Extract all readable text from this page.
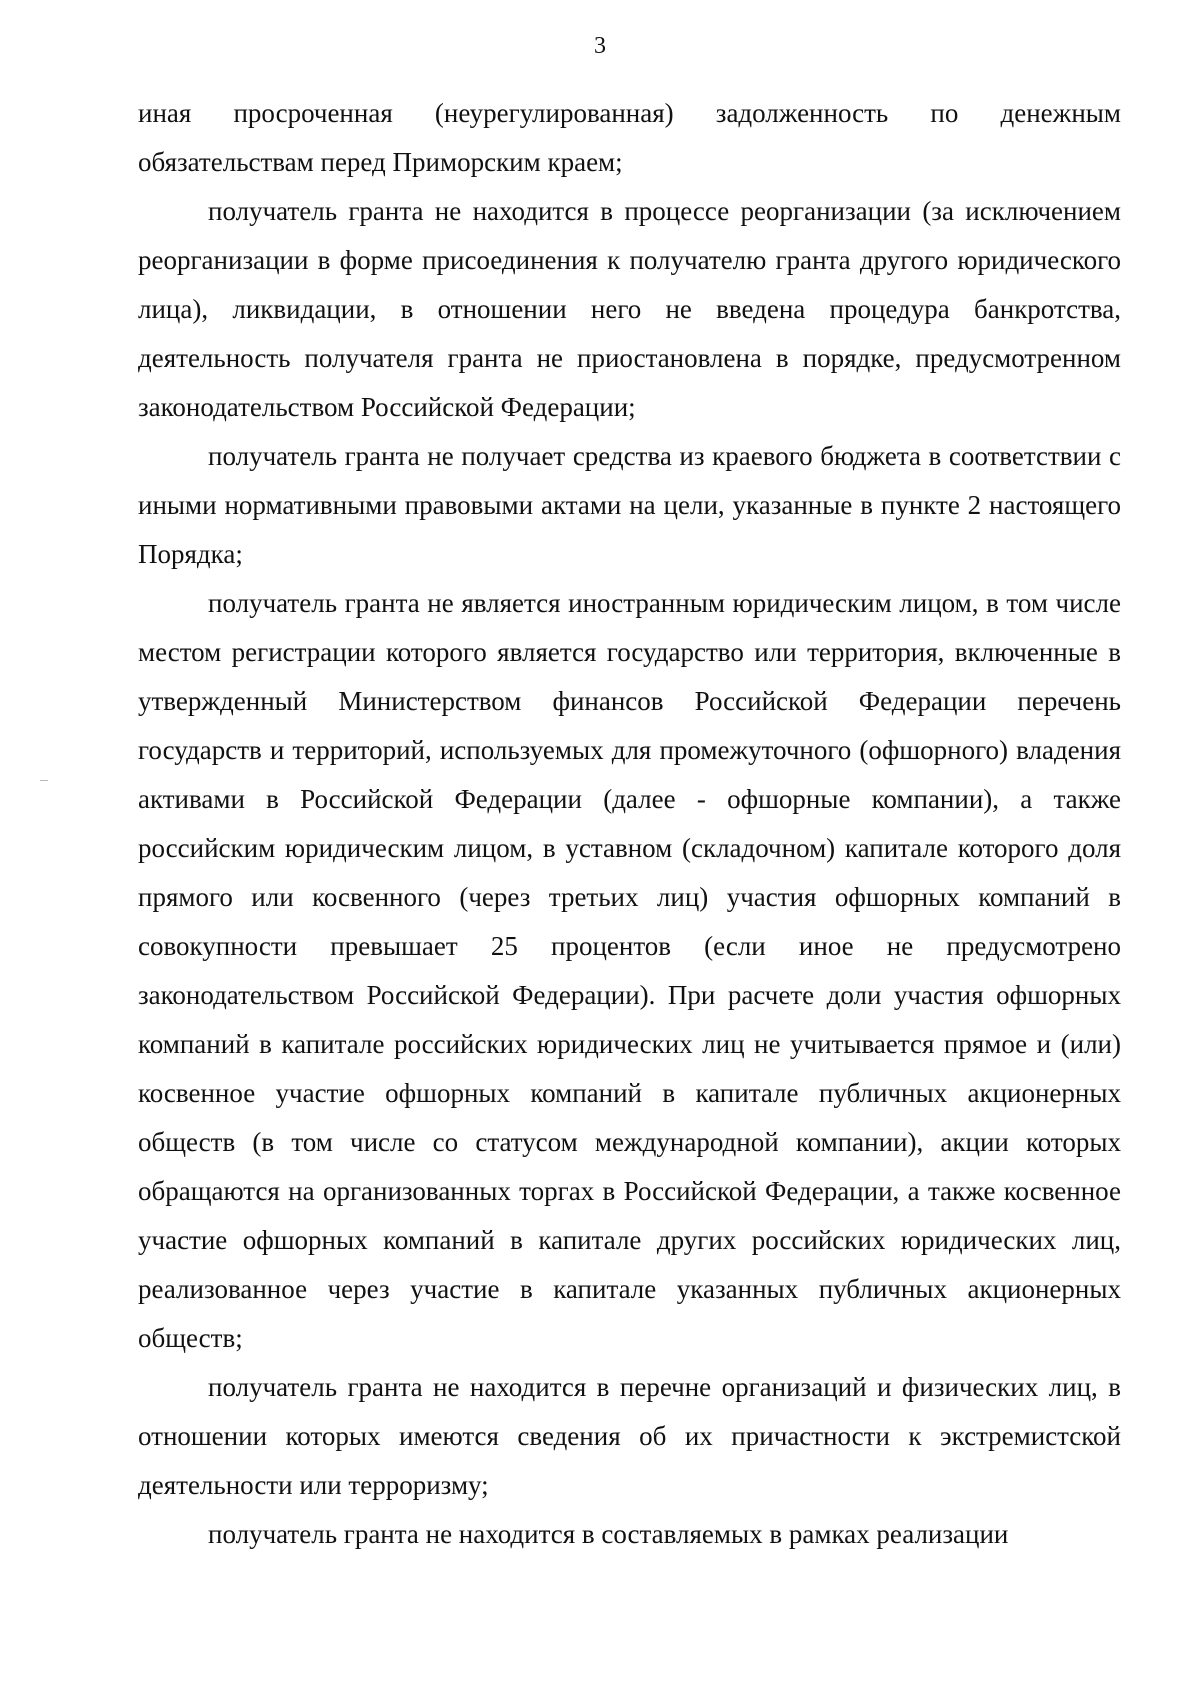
3

иная просроченная (неурегулированная) задолженность по денежным обязательствам перед Приморским краем;

получатель гранта не находится в процессе реорганизации (за исключением реорганизации в форме присоединения к получателю гранта другого юридического лица), ликвидации, в отношении него не введена процедура банкротства, деятельность получателя гранта не приостановлена в порядке, предусмотренном законодательством Российской Федерации;

получатель гранта не получает средства из краевого бюджета в соответствии с иными нормативными правовыми актами на цели, указанные в пункте 2 настоящего Порядка;

получатель гранта не является иностранным юридическим лицом, в том числе местом регистрации которого является государство или территория, включенные в утвержденный Министерством финансов Российской Федерации перечень государств и территорий, используемых для промежуточного (офшорного) владения активами в Российской Федерации (далее - офшорные компании), а также российским юридическим лицом, в уставном (складочном) капитале которого доля прямого или косвенного (через третьих лиц) участия офшорных компаний в совокупности превышает 25 процентов (если иное не предусмотрено законодательством Российской Федерации). При расчете доли участия офшорных компаний в капитале российских юридических лиц не учитывается прямое и (или) косвенное участие офшорных компаний в капитале публичных акционерных обществ (в том числе со статусом международной компании), акции которых обращаются на организованных торгах в Российской Федерации, а также косвенное участие офшорных компаний в капитале других российских юридических лиц, реализованное через участие в капитале указанных публичных акционерных обществ;

получатель гранта не находится в перечне организаций и физических лиц, в отношении которых имеются сведения об их причастности к экстремистской деятельности или терроризму;

получатель гранта не находится в составляемых в рамках реализации
